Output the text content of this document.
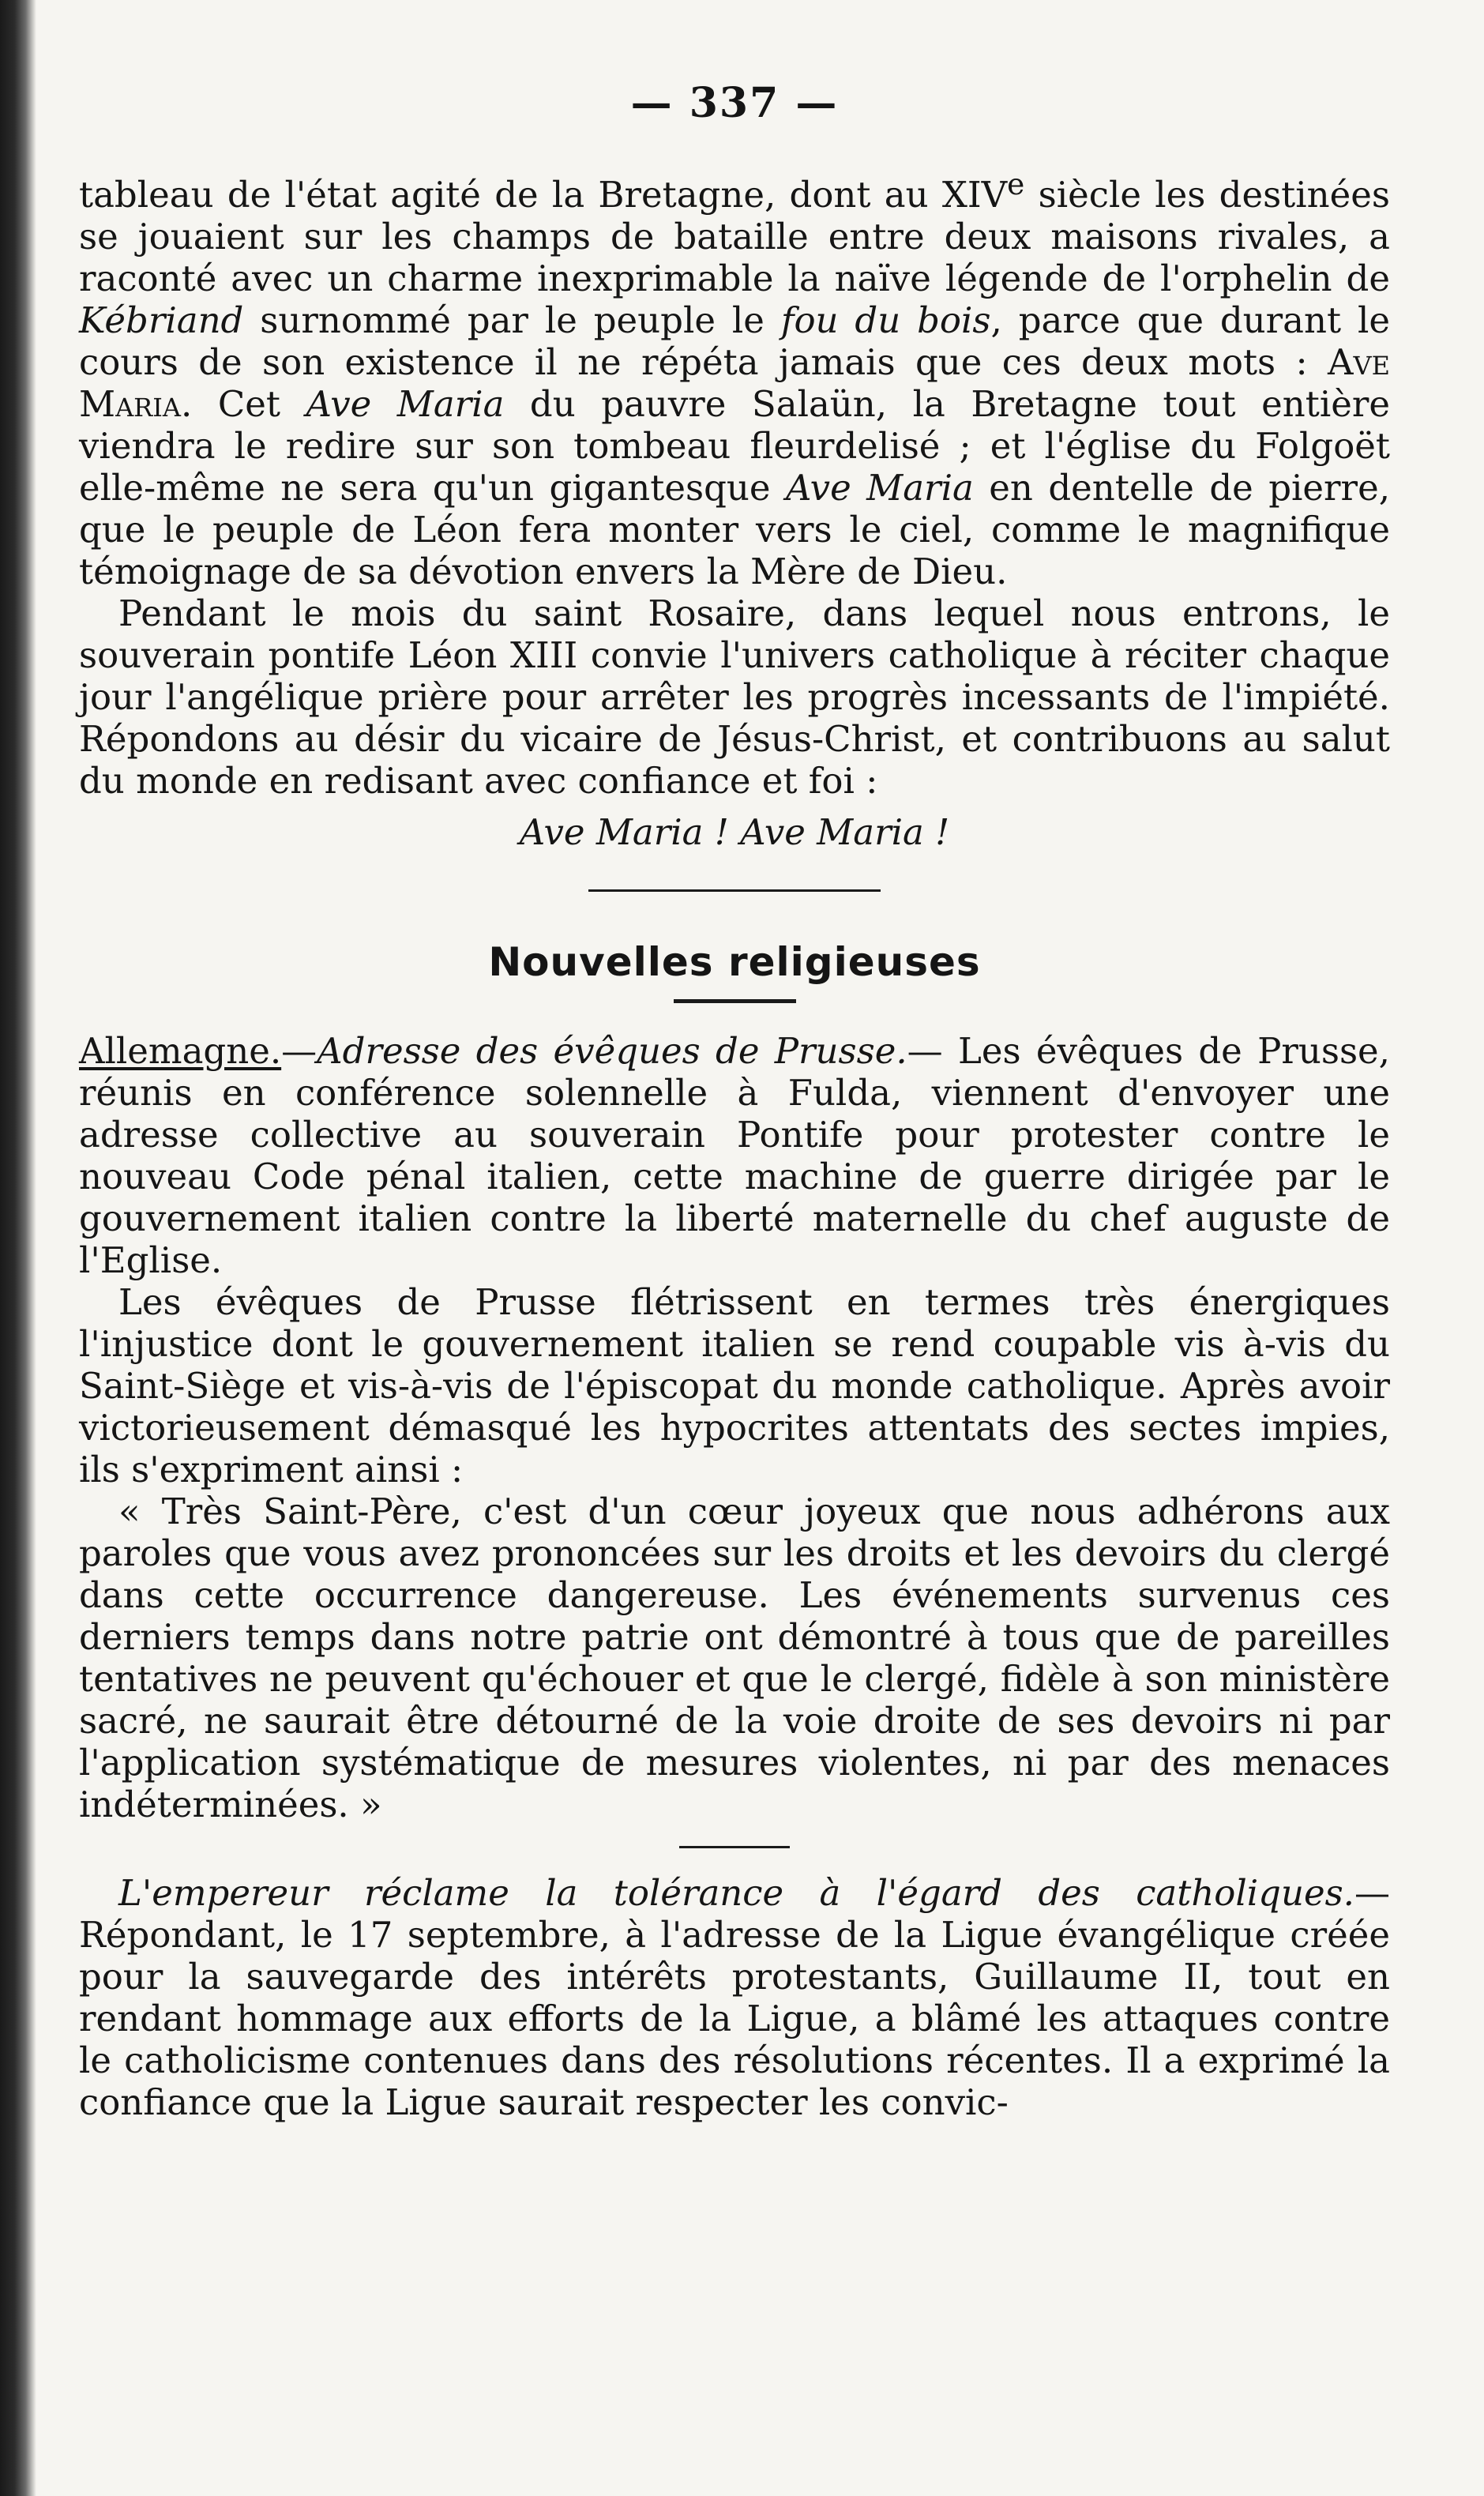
— 337 —

tableau de l'état agité de la Bretagne, dont au XIVe siècle les destinées se jouaient sur les champs de bataille entre deux maisons rivales, a raconté avec un charme inexprimable la naïve légende de l'orphelin de Kébriand surnommé par le peuple le fou du bois, parce que durant le cours de son existence il ne répéta jamais que ces deux mots : Ave Maria. Cet Ave Maria du pauvre Salaün, la Bretagne tout entière viendra le redire sur son tombeau fleurdelisé ; et l'église du Folgoët elle-même ne sera qu'un gigantesque Ave Maria en dentelle de pierre, que le peuple de Léon fera monter vers le ciel, comme le magnifique témoignage de sa dévotion envers la Mère de Dieu.

Pendant le mois du saint Rosaire, dans lequel nous entrons, le souverain pontife Léon XIII convie l'univers catholique à réciter chaque jour l'angélique prière pour arrêter les progrès incessants de l'impiété. Répondons au désir du vicaire de Jésus-Christ, et contribuons au salut du monde en redisant avec confiance et foi :

Ave Maria ! Ave Maria !

Nouvelles religieuses

Allemagne.—Adresse des évêques de Prusse.— Les évêques de Prusse, réunis en conférence solennelle à Fulda, viennent d'envoyer une adresse collective au souverain Pontife pour protester contre le nouveau Code pénal italien, cette machine de guerre dirigée par le gouvernement italien contre la liberté maternelle du chef auguste de l'Eglise.

Les évêques de Prusse flétrissent en termes très énergiques l'injustice dont le gouvernement italien se rend coupable vis à-vis du Saint-Siège et vis-à-vis de l'épiscopat du monde catholique. Après avoir victorieusement démasqué les hypocrites attentats des sectes impies, ils s'expriment ainsi :

« Très Saint-Père, c'est d'un cœur joyeux que nous adhérons aux paroles que vous avez prononcées sur les droits et les devoirs du clergé dans cette occurrence dangereuse. Les événements survenus ces derniers temps dans notre patrie ont démontré à tous que de pareilles tentatives ne peuvent qu'échouer et que le clergé, fidèle à son ministère sacré, ne saurait être détourné de la voie droite de ses devoirs ni par l'application systématique de mesures violentes, ni par des menaces indéterminées. »

L'empereur réclame la tolérance à l'égard des catholiques.—Répondant, le 17 septembre, à l'adresse de la Ligue évangélique créée pour la sauvegarde des intérêts protestants, Guillaume II, tout en rendant hommage aux efforts de la Ligue, a blâmé les attaques contre le catholicisme contenues dans des résolutions récentes. Il a exprimé la confiance que la Ligue saurait respecter les convic-
